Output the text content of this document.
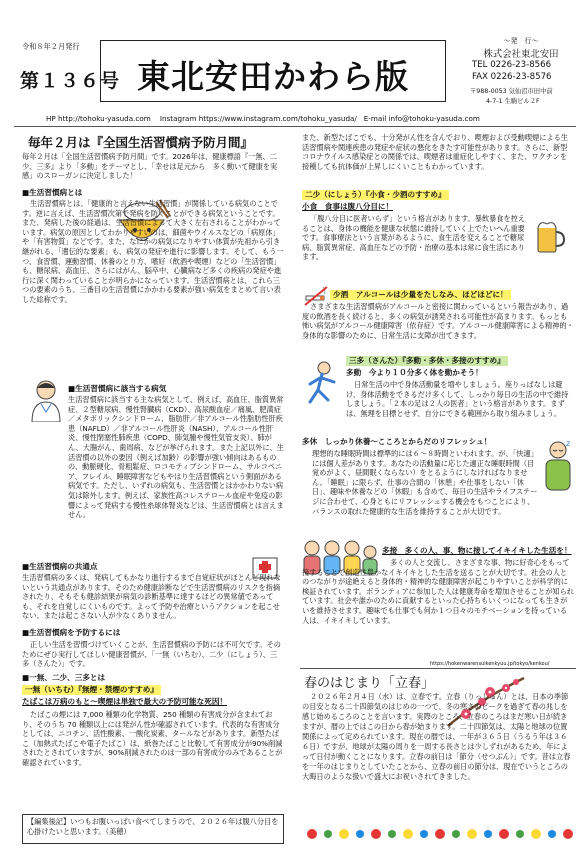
令和８年２月発行
第１３６号 東北安田かわら版
～発　行～
株式会社東北安田
TEL 0226-23-8566
FAX 0226-23-8576
〒988-0053 気仙沼市田中前
4-7-1 生駒ビル２F
HP http://tohoku-yasuda.com Instagram https://www.instagram.com/tohoku_yasuda/ E-mail info@tohoku-yasuda.com
毎年２月は『全国生活習慣病予防月間』
毎年２月は「全国生活習慣病予防月間」です。2026年は、健康標語『一無、二少、三多』より「多動」をテーマとし、「幸せは足元から　多く動いて健康を実感」のスローガンに決定しました！
■生活習慣病とは
生活習慣病とは、「健康的と言えない生活習慣」が関係している病気のことです。逆に言えば、生活習慣次第で発病を防ぐことができる病気ということです。また、発病した後の経過は、生活習慣によって大きく左右されることがわかっています。病気の原因としてわかりやすいのは、細菌やウイルスなどの「病原体」や「有害物質」などです。また、なにかの病気になりやすい体質が先祖から引き継がれる、「遺伝的な要素」も、病気の発症や進行に影響します。そして、もう一つ、食習慣、運動習慣、休養のとり方、嗜好（飲酒や喫煙）などの「生活習慣」も、糖尿病、高血圧、さらにはがん、脳卒中、心臓病など多くの疾病の発症や進行に深く関わっていることが明らかになっています。生活習慣病とは、これら三つの要素のうち、三番目の生活習慣にかかわる要素が強い病気をまとめて言い表した総称です。
■生活習慣病に該当する病気
生活習慣病に該当する主な病気として、例えば、高血圧、脂質異常症、２型糖尿病、慢性腎臓病（CKD）、高尿酸血症／痛風、肥満症／メタボリックシンドローム、脂肪肝／非アルコール性脂肪性肝疾患（NAFLD）／非アルコール性肝炎（NASH）、アルコール性肝炎、慢性閉塞性肺疾患（COPD、肺気腫や慢性気管支炎）、肺がん、大腸がん、歯周病、などが挙げられます。また上記以外に、生活習慣の以外の要因（例えば加齢）の影響が強い傾向はあるものの、動脈硬化、骨粗鬆症、ロコモティブシンドローム、サルコペニア、フレイル、睡眠障害などもやはり生活習慣病という側面がある病気です。ただし、いずれの病気も、生活習慣とはかかわりない病気は除外します。例えば、家族性高コレステロール血症や免疫の影響によって発病する慢性糸球体腎炎などは、生活習慣病とは言えません。
■生活習慣病の共通点
生活習慣病の多くは、発病してもかなり進行するまで自覚症状がほとんど現れないという共通点があります。そのため健康診断などで生活習慣病のリスクを指摘されたり、そもそも健診結果が病気の診断基準に達するほどの異常値であっても、それを自覚しにくいものです。よって予防や治療というアクションを起こせない、または起こさない人が少なくありません。
■生活習慣病を予防するには
正しい生活を習慣づけていくことが、生活習慣病の予防には不可欠です。そのためにぜひ実行してほしい健康習慣が、「一無（いちむ）、二少（にしょう）、三多（さんた）」です。
■一無、二少、三多とは
一無（いちむ）『無煙・禁煙のすすめ』
たばこは万病のもと～喫煙は単独で最大の予防可能な死因！
たばこの煙には 7,000 種類の化学物質、250 種類の有害成分が含まれており、そのうち 70 種類以上には発がん性が確認されています。代表的な有害成分としては、ニコチン、活性酸素、一酸化炭素、タールなどがあります。新型たばこ（加熱式たばこや電子たばこ）は、紙巻たばこと比較して有害成分が90%削減されたとされていますが、90%削減されたのは一部の有害成分のみであることが確認されています。
【編集後記】いつもお腹いっぱい食べてしまうので、２０２６年は腹八分目を心掛けたいと思います。（美穂）
また、新型たばこでも、十分発がん性を含んでおり、喫煙および受動喫煙による生活習慣病や関連疾患の発症や症状の悪化をきたす可能性があります。さらに、新型コロナウイルス感染症との関係では、喫煙者は重症化しやすく、また、ワクチンを接種しても抗体価が上昇しにくいこともわかっています。
二少（にしょう）『小食・少酒のすすめ』
小食　食事は腹八分目に！
「腹八分目に医者いらず」という格言があります。暴飲暴食を控えることは、身体の機能を健康な状態に維持していく上でたいへん重要です。食事療法という言葉があるように、食生活を変えることで糖尿病、脂質異常症、高血圧などの予防・治療の基本は常に食生活にあります。
少酒　アルコールは少量をたしなみ、ほどほどに！
さまざまな生活習慣病がアルコールと密接に関わっているという報告があり、過度の飲酒を長く続けると、多くの病気が誘発される可能性が高まります。もっとも怖い病気がアルコール健康障害（依存症）です。アルコール健康障害による精神的・身体的な影響のために、日常生活に支障が出てきます。
三多（さんた）『多動・多休・多接のすすめ』
多動　今より１０分多く体を動かそう！
日常生活の中で身体活動量を増やしましょう。座りっぱなしは避け、身体活動をできるだけ多くして、しっかり毎日の生活の中で維持しましょう。「２本の足は２人の医者」という格言があります。まずは、無理を目標とせず、自分にできる範囲から取り組みましょう。
多休　しっかり休養～こころとからだのリフレッシュ！
理想的な睡眠時間は標準的には６～８時間といわれます。が、「快適」には個人差があります。あなたの活動量に応じた適正な睡眠時間（目覚めがよく、昼間眠くならない）をとるようにしなければなりません。「睡眠」に限らず、仕事の合間の「休憩」や仕事をしない「休日」、趣味や休養などの「休暇」も含めて、毎日の生活やライフステージに合わせて、心身ともにリフレッシュする機会をもつことにより、バランスの取れた健康的な生活を維持することが大切です。
z
多接　多くの人、事、物に接してイキイキした生活を！
多くの人と交流し、さまざまな事、物に好奇心をもって接することで創造性豊かなイキイキとした生活を送ることが大切です。社会の人とのつながりが途絶えると身体的・精神的な健康障害が起こりやすいことが科学的に検証されています。ボランティアに参加した人は健康寿命を増加させることが知られています。社会や誰かのために貢献するといった心持ちもいくつになっても生きがいを維持させます。趣味でも仕事でも何か１つ日々のモチベーションを持っている人は、イキイキしています。
https://hokenwarensuikenkyuu.jp/tokyo/kenkou/
春のはじまり「立春」
２０２６年２月４日（水）は、立春です。立春（りっしゅん）とは、日本の季節の目安となる二十四節気のはじめの一つで、冬の寒さのピークを過ぎて春の兆しを感じ始めるころのことを言います。実際のところ、立春のころはまだ寒い日が続きますが、暦の上ではこの日から春が始まります。二十四節気は、太陽と地球の位置関係によって定められています。現在の暦では、一年が３６５日（うるう年は３６６日）ですが、地球が太陽の周りを一周する長さとは少しずれがあるため、年によって日付が動くことになります。立春の前日は「節分（せつぶん）」です。昔は立春を一年のはじまりとしていたことから、立春の前日の節分は、現在でいうところの大晦日のような扱いで盛大にお祝いされてきました。
